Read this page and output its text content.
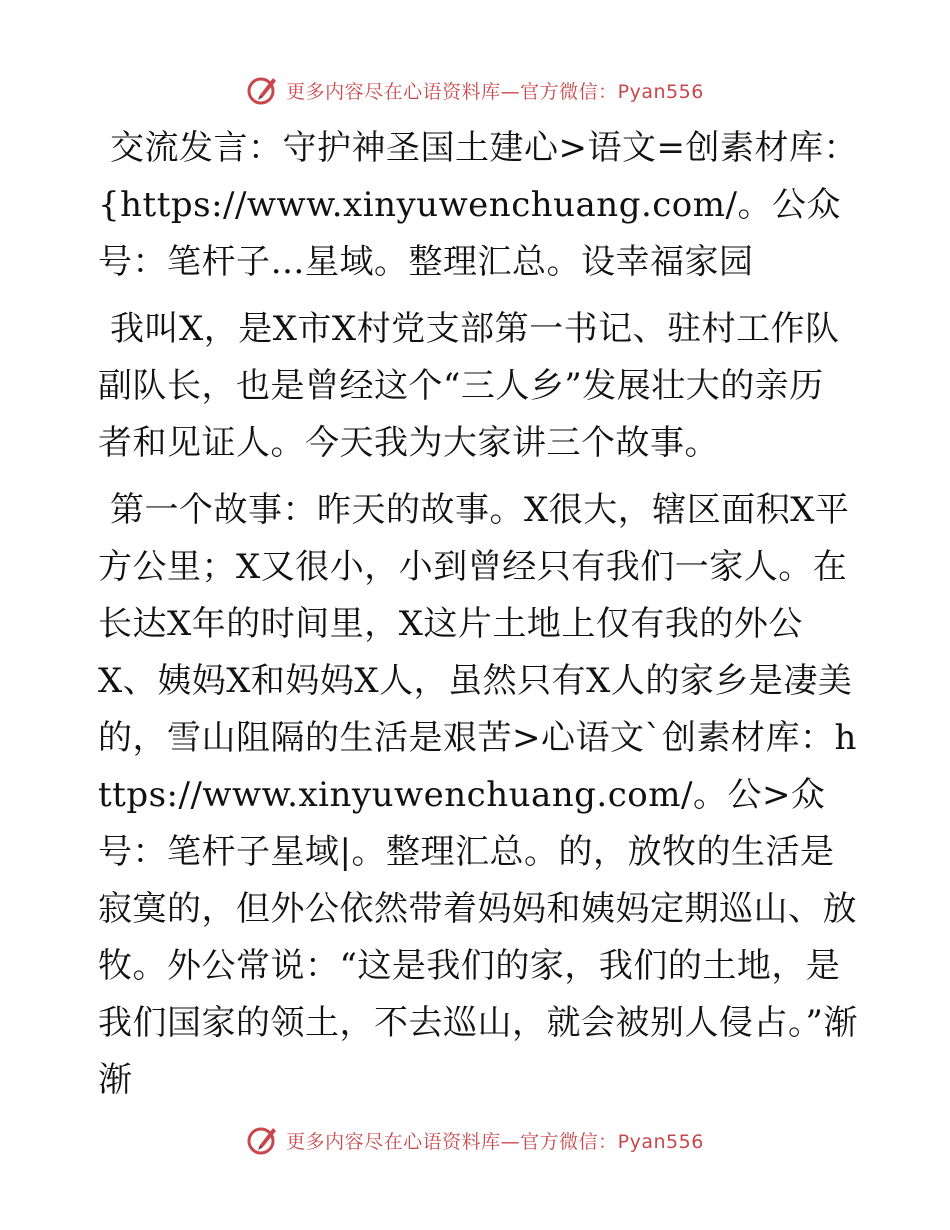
更多内容尽在心语资料库—官方微信：Pyan556

交流发言：守护神圣国土建心>语文=创素材库：{https://www.xinyuwenchuang.com/。公众号：笔杆子…星域。整理汇总。设幸福家园

我叫X，是X市X村党支部第一书记、驻村工作队副队长，也是曾经这个“三人乡”发展壮大的亲历者和见证人。今天我为大家讲三个故事。

第一个故事：昨天的故事。X很大，辖区面积X平方公里；X又很小，小到曾经只有我们一家人。在长达X年的时间里，X这片土地上仅有我的外公X、姨妈X和妈妈X人，虽然只有X人的家乡是凄美的，雪山阻隔的生活是艰苦>心语文`创素材库：https://www.xinyuwenchuang.com/。公>众号：笔杆子星域|。整理汇总。的，放牧的生活是寂寞的，但外公依然带着妈妈和姨妈定期巡山、放牧。外公常说：“这是我们的家，我们的土地，是我们国家的领土，不去巡山，就会被别人侵占。”渐渐

更多内容尽在心语资料库—官方微信：Pyan556
